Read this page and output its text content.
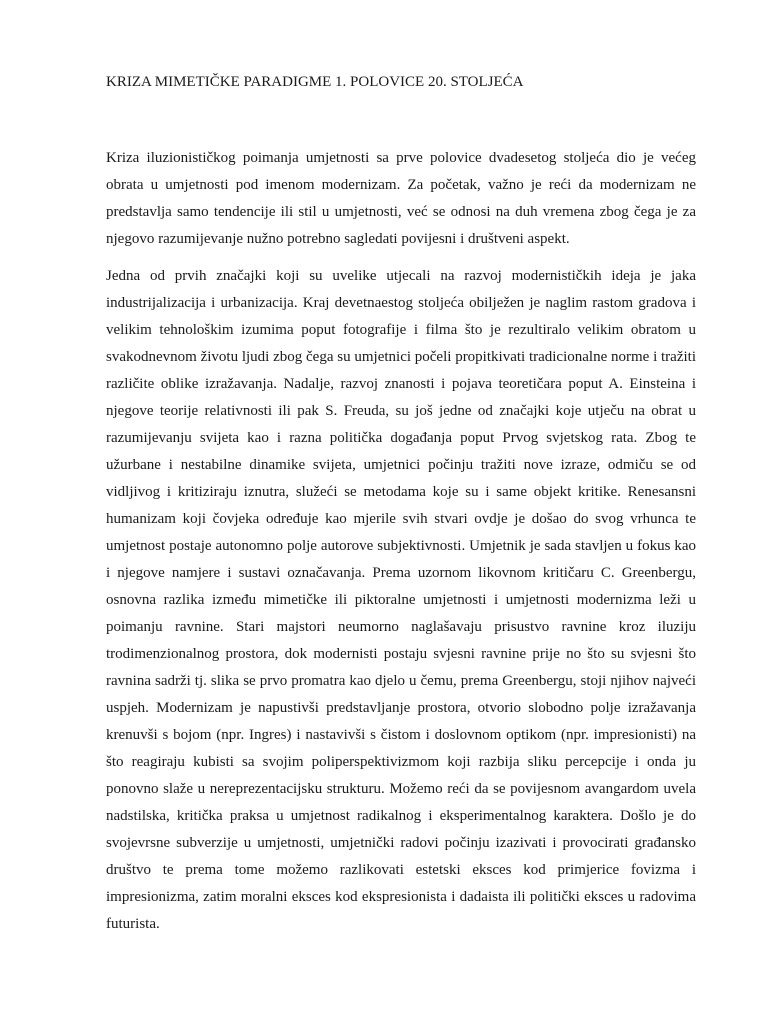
KRIZA MIMETIČKE PARADIGME 1. POLOVICE 20. STOLJEĆA

Kriza iluzionističkog poimanja umjetnosti sa prve polovice dvadesetog stoljeća dio je većeg obrata u umjetnosti pod imenom modernizam. Za početak, važno je reći da modernizam ne predstavlja samo tendencije ili stil u umjetnosti, već se odnosi na duh vremena zbog čega je za njegovo razumijevanje nužno potrebno sagledati povijesni i društveni aspekt.

Jedna od prvih značajki koji su uvelike utjecali na razvoj modernističkih ideja je jaka industrijalizacija i urbanizacija. Kraj devetnaestog stoljeća obilježen je naglim rastom gradova i velikim tehnološkim izumima poput fotografije i filma što je rezultiralo velikim obratom u svakodnevnom životu ljudi zbog čega su umjetnici počeli propitkivati tradicionalne norme i tražiti različite oblike izražavanja. Nadalje, razvoj znanosti i pojava teoretičara poput A. Einsteina i njegove teorije relativnosti ili pak S. Freuda, su još jedne od značajki koje utječu na obrat u razumijevanju svijeta kao i razna politička događanja poput Prvog svjetskog rata. Zbog te užurbane i nestabilne dinamike svijeta, umjetnici počinju tražiti nove izraze, odmiču se od vidljivog i kritiziraju iznutra, služeći se metodama koje su i same objekt kritike. Renesansni humanizam koji čovjeka određuje kao mjerile svih stvari ovdje je došao do svog vrhunca te umjetnost postaje autonomno polje autorove subjektivnosti. Umjetnik je sada stavljen u fokus kao i njegove namjere i sustavi označavanja. Prema uzornom likovnom kritičaru C. Greenbergu, osnovna razlika između mimetičke ili piktoralne umjetnosti i umjetnosti modernizma leži u poimanju ravnine. Stari majstori neumorno naglašavaju prisustvo ravnine kroz iluziju trodimenzionalnog prostora, dok modernisti postaju svjesni ravnine prije no što su svjesni što ravnina sadrži tj. slika se prvo promatra kao djelo u čemu, prema Greenbergu, stoji njihov najveći uspjeh. Modernizam je napustivši predstavljanje prostora, otvorio slobodno polje izražavanja krenuvši s bojom (npr. Ingres) i nastavivši s čistom i doslovnom optikom (npr. impresionisti) na što reagiraju kubisti sa svojim poliperspektivizmom koji razbija sliku percepcije i onda ju ponovno slaže u nereprezentacijsku strukturu. Možemo reći da se povijesnom avangardom uvela nadstilska, kritička praksa u umjetnost radikalnog i eksperimentalnog karaktera. Došlo je do svojevrsne subverzije u umjetnosti, umjetnički radovi počinju izazivati i provocirati građansko društvo te prema tome možemo razlikovati estetski eksces kod primjerice fovizma i impresionizma, zatim moralni eksces kod ekspresionista i dadaista ili politički eksces u radovima futurista.
